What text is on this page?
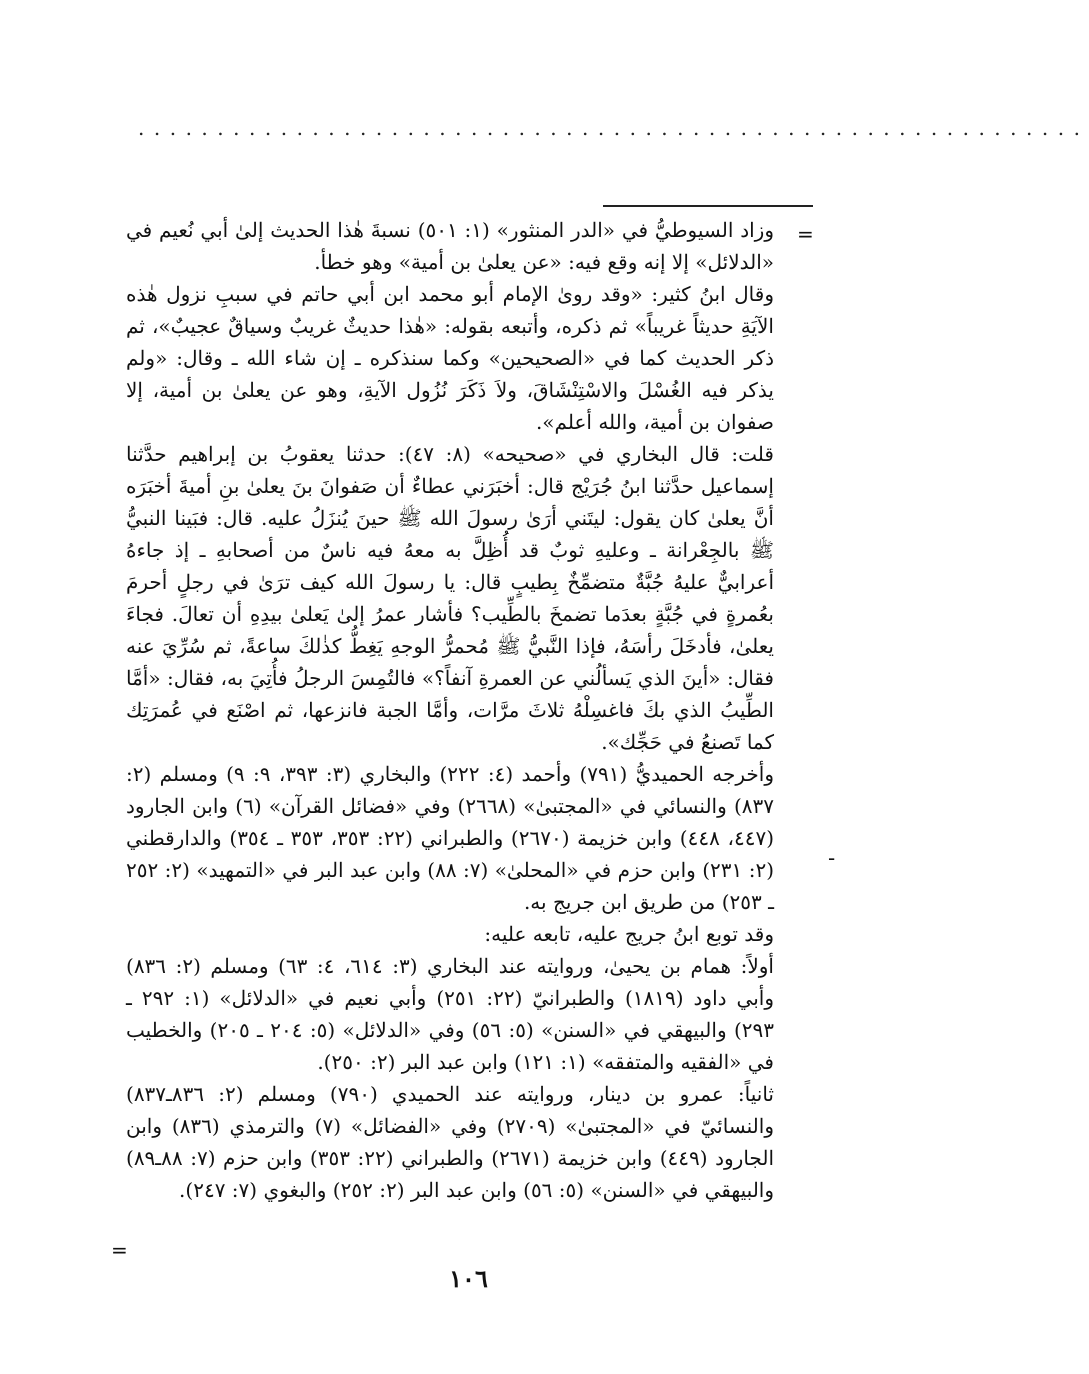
............................................................
=
-
=

وزاد السيوطيُّ في «الدر المنثور» (١: ٥٠١) نسبةَ هٰذا الحديث إلىٰ أبي نُعيم في «الدلائل» إلا إنه وقع فيه: «عن يعلىٰ بن أمية» وهو خطأ.

وقال ابنُ كثير: «وقد روىٰ الإمام أبو محمد ابن أبي حاتم في سببِ نزول هٰذه الآيَةِ حديثاً غريباً» ثم ذكره، وأتبعه بقوله: «هٰذا حديثٌ غريبٌ وسياقٌ عجيبٌ»، ثم ذكر الحديث كما في «الصحيحين» وكما سنذكره ـ إن شاء الله ـ وقال: «ولم يذكر فيه الغُسْلَ والاسْتِنْشَاقَ، ولاَ ذَكَرَ نُزُول الآيةِ، وهو عن يعلىٰ بن أمية، إلا صفوان بن أمية، والله أعلم».

قلت: قال البخاري في «صحيحه» (٨: ٤٧): حدثنا يعقوبُ بن إبراهيم حدَّثنا إسماعيل حدَّثنا ابنُ جُرَيْج قال: أخبَرَني عطاءٌ أن صَفوانَ بنَ يعلىٰ بنِ أميةَ أخبَرَه أنَّ يعلىٰ كان يقول: ليتَني أرَىٰ رسولَ الله ﷺ حينَ يُنزَلُ عليه. قال: فبَينا النبيُّ ﷺ بالجِعْرانة ـ وعليهِ ثوبٌ قد أُظِلَّ به معهُ فيه ناسٌ من أصحابهِ ـ إذ جاءهُ أعرابيٌّ عليهُ جُبَّةٌ متضمِّخٌ بِطيبٍ قال: يا رسولَ الله كيف ترَىٰ في رجلٍ أحرمَ بعُمرةٍ في جُبَّةٍ بعدَما تضمخَ بالطِّيب؟ فأشار عمرُ إلىٰ يَعلىٰ بيدِهِ أن تعالَ. فجاءَ يعلىٰ، فأدخَلَ رأسَهُ، فإذا النَّبيُّ ﷺ مُحمرُّ الوجهِ يَغِطُّ كذٰلكَ ساعةً، ثم سُرِّيَ عنه فقال: «أينَ الذي يَسألُني عن العمرةِ آنفاً؟» فالتُمِسَ الرجلُ فأُتِيَ به، فقال: «أمَّا الطِّيبُ الذي بكَ فاغسِلْهُ ثلاثَ مرَّات، وأمَّا الجبة فانزعها، ثم اصْنَع في عُمرَتِك كما تَصنعُ في حَجِّك».

وأخرجه الحميديُّ (٧٩١) وأحمد (٤: ٢٢٢) والبخاري (٣: ٣٩٣، ٩: ٩) ومسلم (٢: ٨٣٧) والنسائي في «المجتبىٰ» (٢٦٦٨) وفي «فضائل القرآن» (٦) وابن الجارود (٤٤٧، ٤٤٨) وابن خزيمة (٢٦٧٠) والطبراني (٢٢: ٣٥٣، ٣٥٣ ـ ٣٥٤) والدارقطني (٢: ٢٣١) وابن حزم في «المحلىٰ» (٧: ٨٨) وابن عبد البر في «التمهيد» (٢: ٢٥٢ ـ ٢٥٣) من طريق ابن جريج به.

وقد توبع ابنُ جريج عليه، تابعه عليه:

أولاً: همام بن يحيىٰ، وروايته عند البخاري (٣: ٦١٤، ٤: ٦٣) ومسلم (٢: ٨٣٦) وأبي داود (١٨١٩) والطبرانيّ (٢٢: ٢٥١) وأبي نعيم في «الدلائل» (١: ٢٩٢ ـ ٢٩٣) والبيهقي في «السنن» (٥: ٥٦) وفي «الدلائل» (٥: ٢٠٤ ـ ٢٠٥) والخطيب في «الفقيه والمتفقه» (١: ١٢١) وابن عبد البر (٢: ٢٥٠).

ثانياً: عمرو بن دينار، وروايته عند الحميدي (٧٩٠) ومسلم (٢: ٨٣٦ـ٨٣٧) والنسائيّ في «المجتبىٰ» (٢٧٠٩) وفي «الفضائل» (٧) والترمذي (٨٣٦) وابن الجارود (٤٤٩) وابن خزيمة (٢٦٧١) والطبراني (٢٢: ٣٥٣) وابن حزم (٧: ٨٨ـ٨٩) والبيهقي في «السنن» (٥: ٥٦) وابن عبد البر (٢: ٢٥٢) والبغوي (٧: ٢٤٧).

١٠٦
